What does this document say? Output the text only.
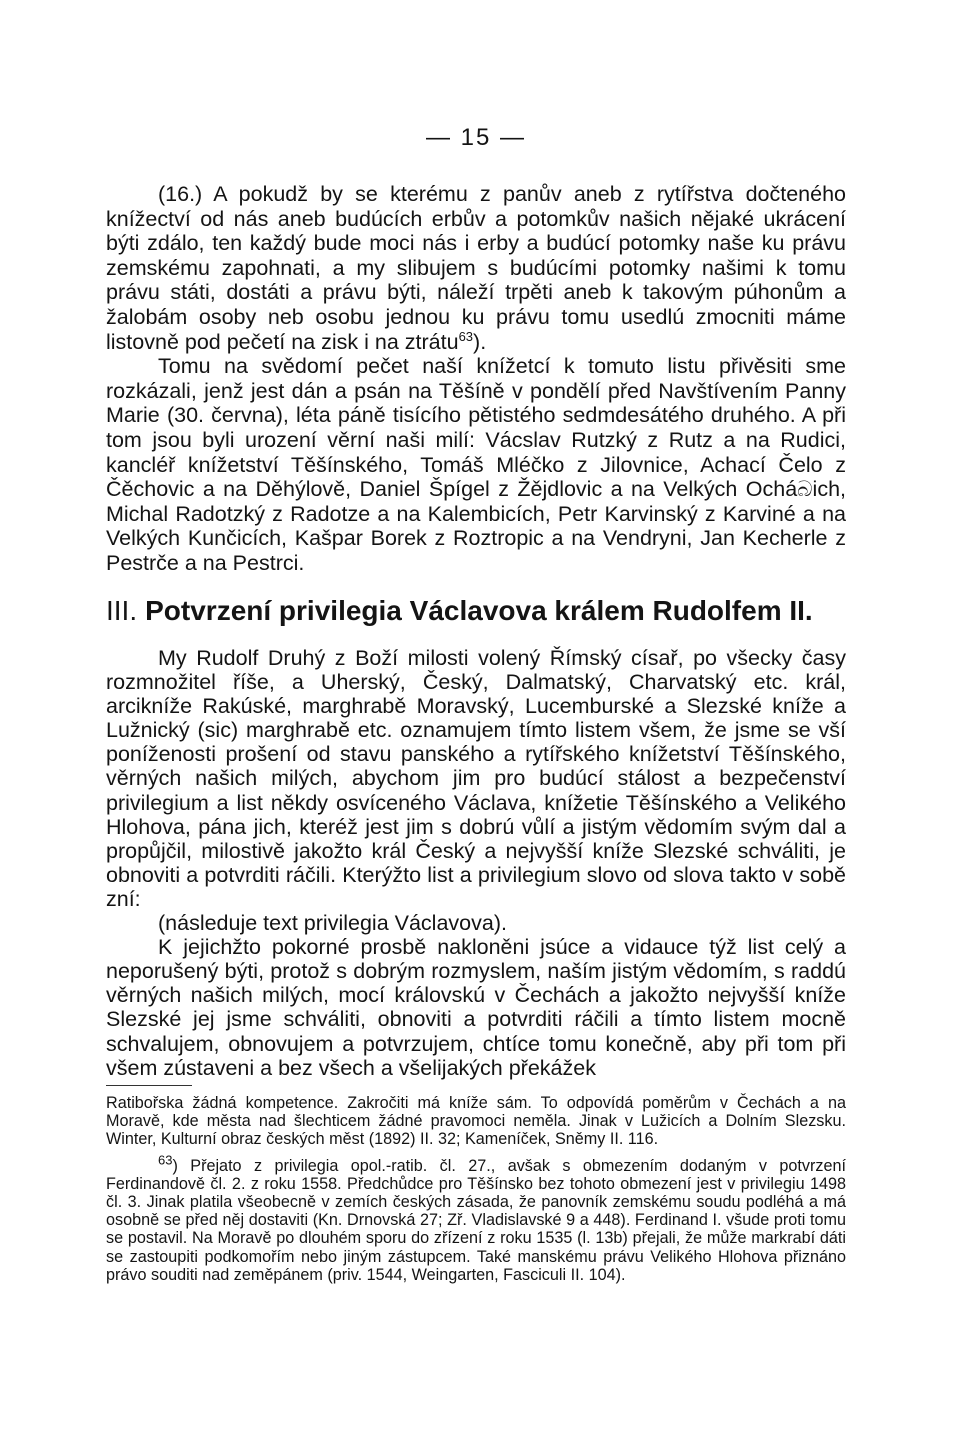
— 15 —

(16.) A pokudž by se kterému z panův aneb z rytířstva dočteného knížectví od nás aneb budúcích erbův a potomkův našich nějaké ukrácení býti zdálo, ten každý bude moci nás i erby a budúcí potomky naše ku právu zemskému zapohnati, a my slibujem s budúcími potomky našimi k tomu právu státi, dostáti a právu býti, náleží trpěti aneb k takovým púhonům a žalobám osoby neb osobu jednou ku právu tomu usedlú zmocniti máme listovně pod pečetí na zisk i na ztrátu$^{63}$).

Tomu na svědomí pečet naší knížetcí k tomuto listu přivěsiti sme rozkázali, jenž jest dán a psán na Těšíně v pondělí před Navštívením Panny Marie (30. června), léta páně tisícího pětistého sedmdesátého druhého. A při tom jsou byli urození věrní naši milí: Vácslav Rutzký z Rutz a na Rudici, kancléř knížetství Těšínského, Tomáš Mléčko z Jilovnice, Achací Čelo z Čěchovic a na Děhýlově, Daniel Špígel z Žějdlovic a na Velkých Ocháබich, Michal Radotzký z Radotze a na Kalembicích, Petr Karvinský z Karviné a na Velkých Kunčicích, Kašpar Borek z Roztropic a na Vendryni, Jan Kecherle z Pestrče a na Pestrci.

III. Potvrzení privilegia Václavova králem Rudolfem II.

My Rudolf Druhý z Boží milosti volený Římský císař, po všecky časy rozmnožitel říše, a Uherský, Český, Dalmatský, Charvatský etc. král, arcikníže Rakúské, marghrabě Moravský, Lucemburské a Slezské kníže a Lužnický (sic) marghrabě etc. oznamujem tímto listem všem, že jsme se vší poníženosti prošení od stavu panského a rytířského knížetství Těšínského, věrných našich milých, abychom jim pro budúcí stálost a bezpečenství privilegium a list někdy osvíceného Václava, knížetie Těšínského a Velikého Hlohova, pána jich, kteréž jest jim s dobrú vůlí a jistým vědomím svým dal a propůjčil, milostivě jakožto král Český a nejvyšší kníže Slezské schváliti, je obnoviti a potvrditi ráčili. Kterýžto list a privilegium slovo od slova takto v sobě zní:

(následuje text privilegia Václavova).

K jejichžto pokorné prosbě nakloněni jsúce a vidauce týž list celý a neporušený býti, protož s dobrým rozmyslem, naším jistým vědomím, s raddú věrných našich milých, mocí královskú v Čechách a jakožto nejvyšší kníže Slezské jej jsme schváliti, obnoviti a potvrditi ráčili a tímto listem mocně schvalujem, obnovujem a potvrzujem, chtíce tomu konečně, aby při tom při všem zústaveni a bez všech a všelijakých překážek

Ratibořska žádná kompetence. Zakročiti má kníže sám. To odpovídá poměrům v Čechách a na Moravě, kde města nad šlechticem žádné pravomoci neměla. Jinak v Lužicích a Dolním Slezsku. Winter, Kulturní obraz českých měst (1892) II. 32; Kameníček, Sněmy II. 116.

$^{63}$) Přejato z privilegia opol.-ratib. čl. 27., avšak s obmezením dodaným v potvrzení Ferdinandově čl. 2. z roku 1558. Předchůdce pro Těšínsko bez tohoto obmezení jest v privilegiu 1498 čl. 3. Jinak platila všeobecně v zemích českých zásada, že panovník zemskému soudu podléhá a má osobně se před něj dostaviti (Kn. Drnovská 27; Zř. Vladislavské 9 a 448). Ferdinand I. všude proti tomu se postavil. Na Moravě po dlouhém sporu do zřízení z roku 1535 (l. 13b) přejali, že může markrabí dáti se zastoupiti podkomořím nebo jiným zástupcem. Také manskému právu Velikého Hlohova přiznáno právo souditi nad zeměpánem (priv. 1544, Weingarten, Fasciculi II. 104).
